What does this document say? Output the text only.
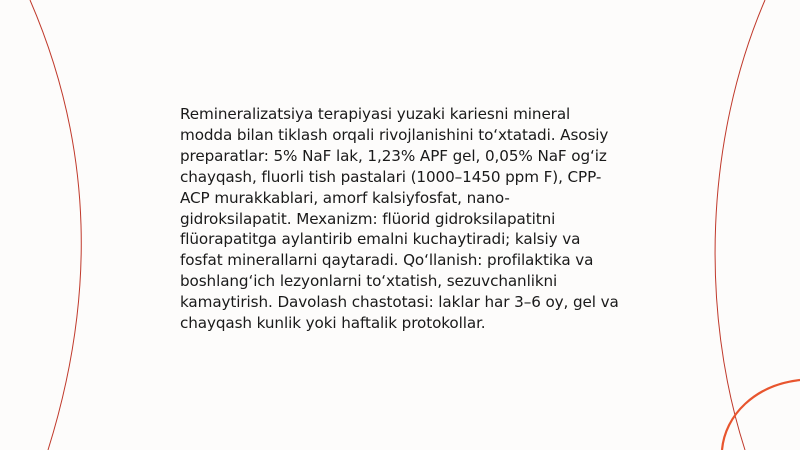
Remineralizatsiya terapiyasi yuzaki kariesni mineral modda bilan tiklash orqali rivojlanishini to‘xtatadi. Asosiy preparatlar: 5% NaF lak, 1,23% APF gel, 0,05% NaF og‘iz chayqash, fluorli tish pastalari (1000–1450 ppm F), CPP-ACP murakkablari, amorf kalsiyfosfat, nano-gidroksilapatit. Mexanizm: flüorid gidroksilapatitni flüorapatitga aylantirib emalni kuchaytiradi; kalsiy va fosfat minerallarni qaytaradi. Qo‘llanish: profilaktika va boshlang‘ich lezyonlarni to‘xtatish, sezuvchanlikni kamaytirish. Davolash chastotasi: laklar har 3–6 oy, gel va chayqash kunlik yoki haftalik protokollar.
